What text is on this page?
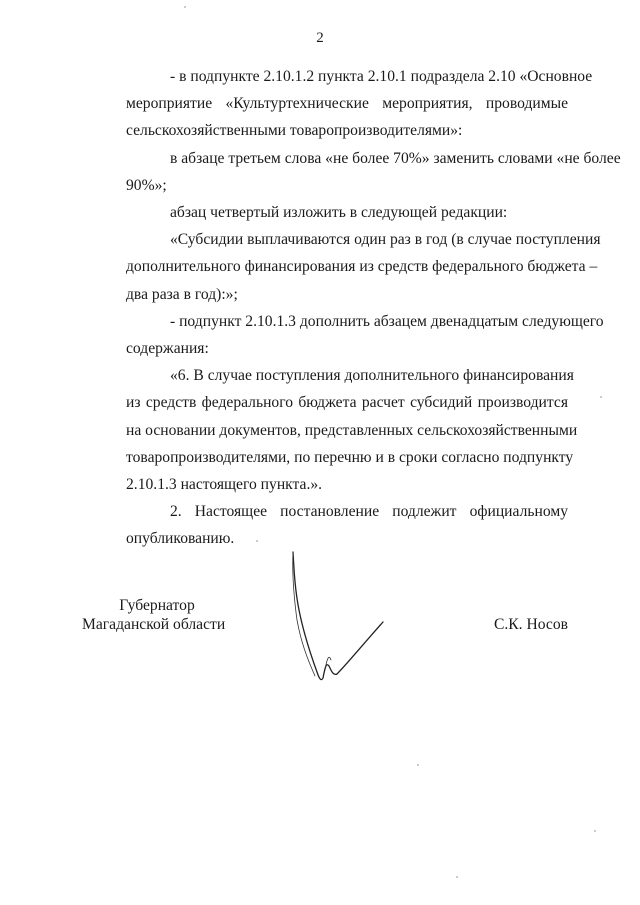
2
- в подпункте 2.10.1.2 пункта 2.10.1 подраздела 2.10 «Основное
мероприятие «Культуртехнические мероприятия, проводимые
сельскохозяйственными товаропроизводителями»:
в абзаце третьем слова «не более 70%» заменить словами «не более
90%»;
абзац четвертый изложить в следующей редакции:
«Субсидии выплачиваются один раз в год (в случае поступления
дополнительного финансирования из средств федерального бюджета –
два раза в год):»;
- подпункт 2.10.1.3 дополнить абзацем двенадцатым следующего
содержания:
«6. В случае поступления дополнительного финансирования
из средств федерального бюджета расчет субсидий производится
на основании документов, представленных сельскохозяйственными
товаропроизводителями, по перечню и в сроки согласно подпункту
2.10.1.3 настоящего пункта.».
2. Настоящее постановление подлежит официальному
опубликованию.
Губернатор
Магаданской области	С.К. Носов
